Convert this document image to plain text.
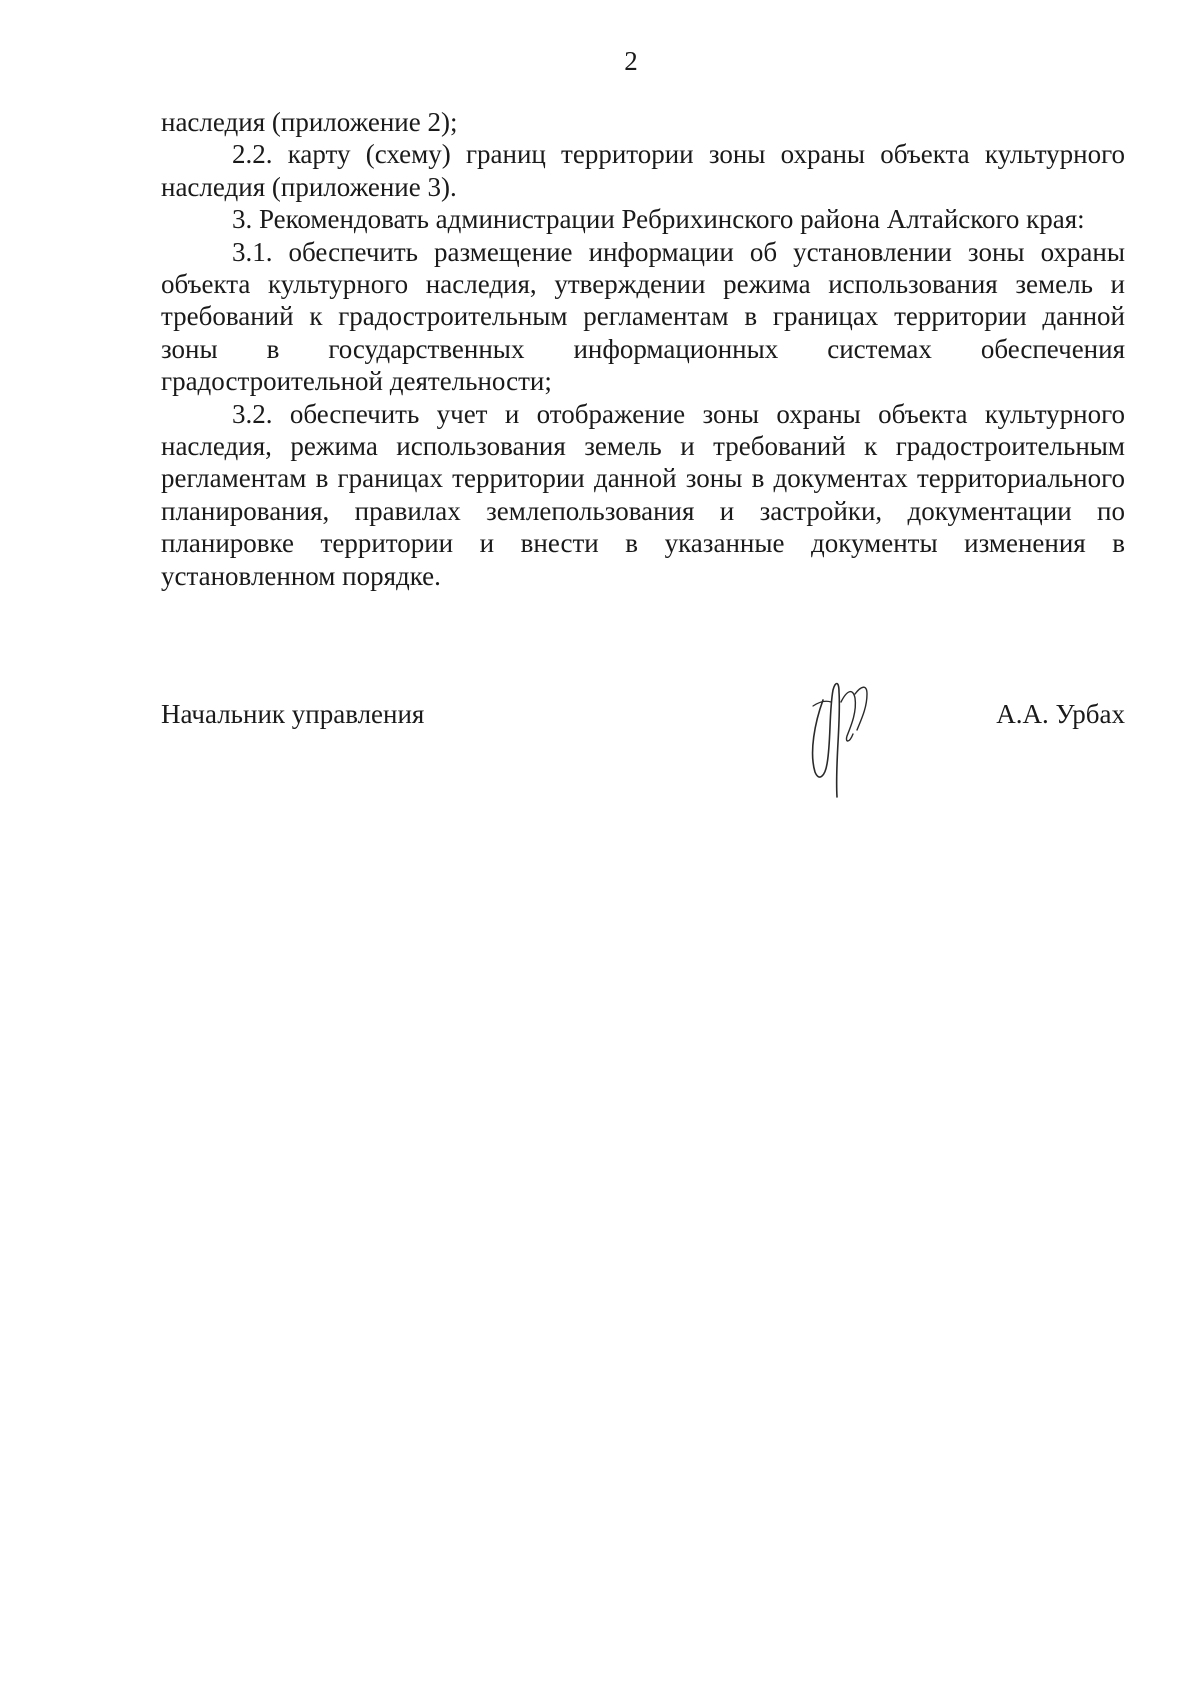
2

наследия (приложение 2);

2.2. карту (схему) границ территории зоны охраны объекта культурного наследия (приложение 3).

3. Рекомендовать администрации Ребрихинского района Алтайского края:

3.1. обеспечить размещение информации об установлении зоны охраны объекта культурного наследия, утверждении режима использования земель и требований к градостроительным регламентам в границах территории данной зоны в государственных информационных системах обеспечения градостроительной деятельности;

3.2. обеспечить учет и отображение зоны охраны объекта культурного наследия, режима использования земель и требований к градостроительным регламентам в границах территории данной зоны в документах территориального планирования, правилах землепользования и застройки, документации по планировке территории и внести в указанные документы изменения в установленном порядке.

Начальник управления	А.А. Урбах
